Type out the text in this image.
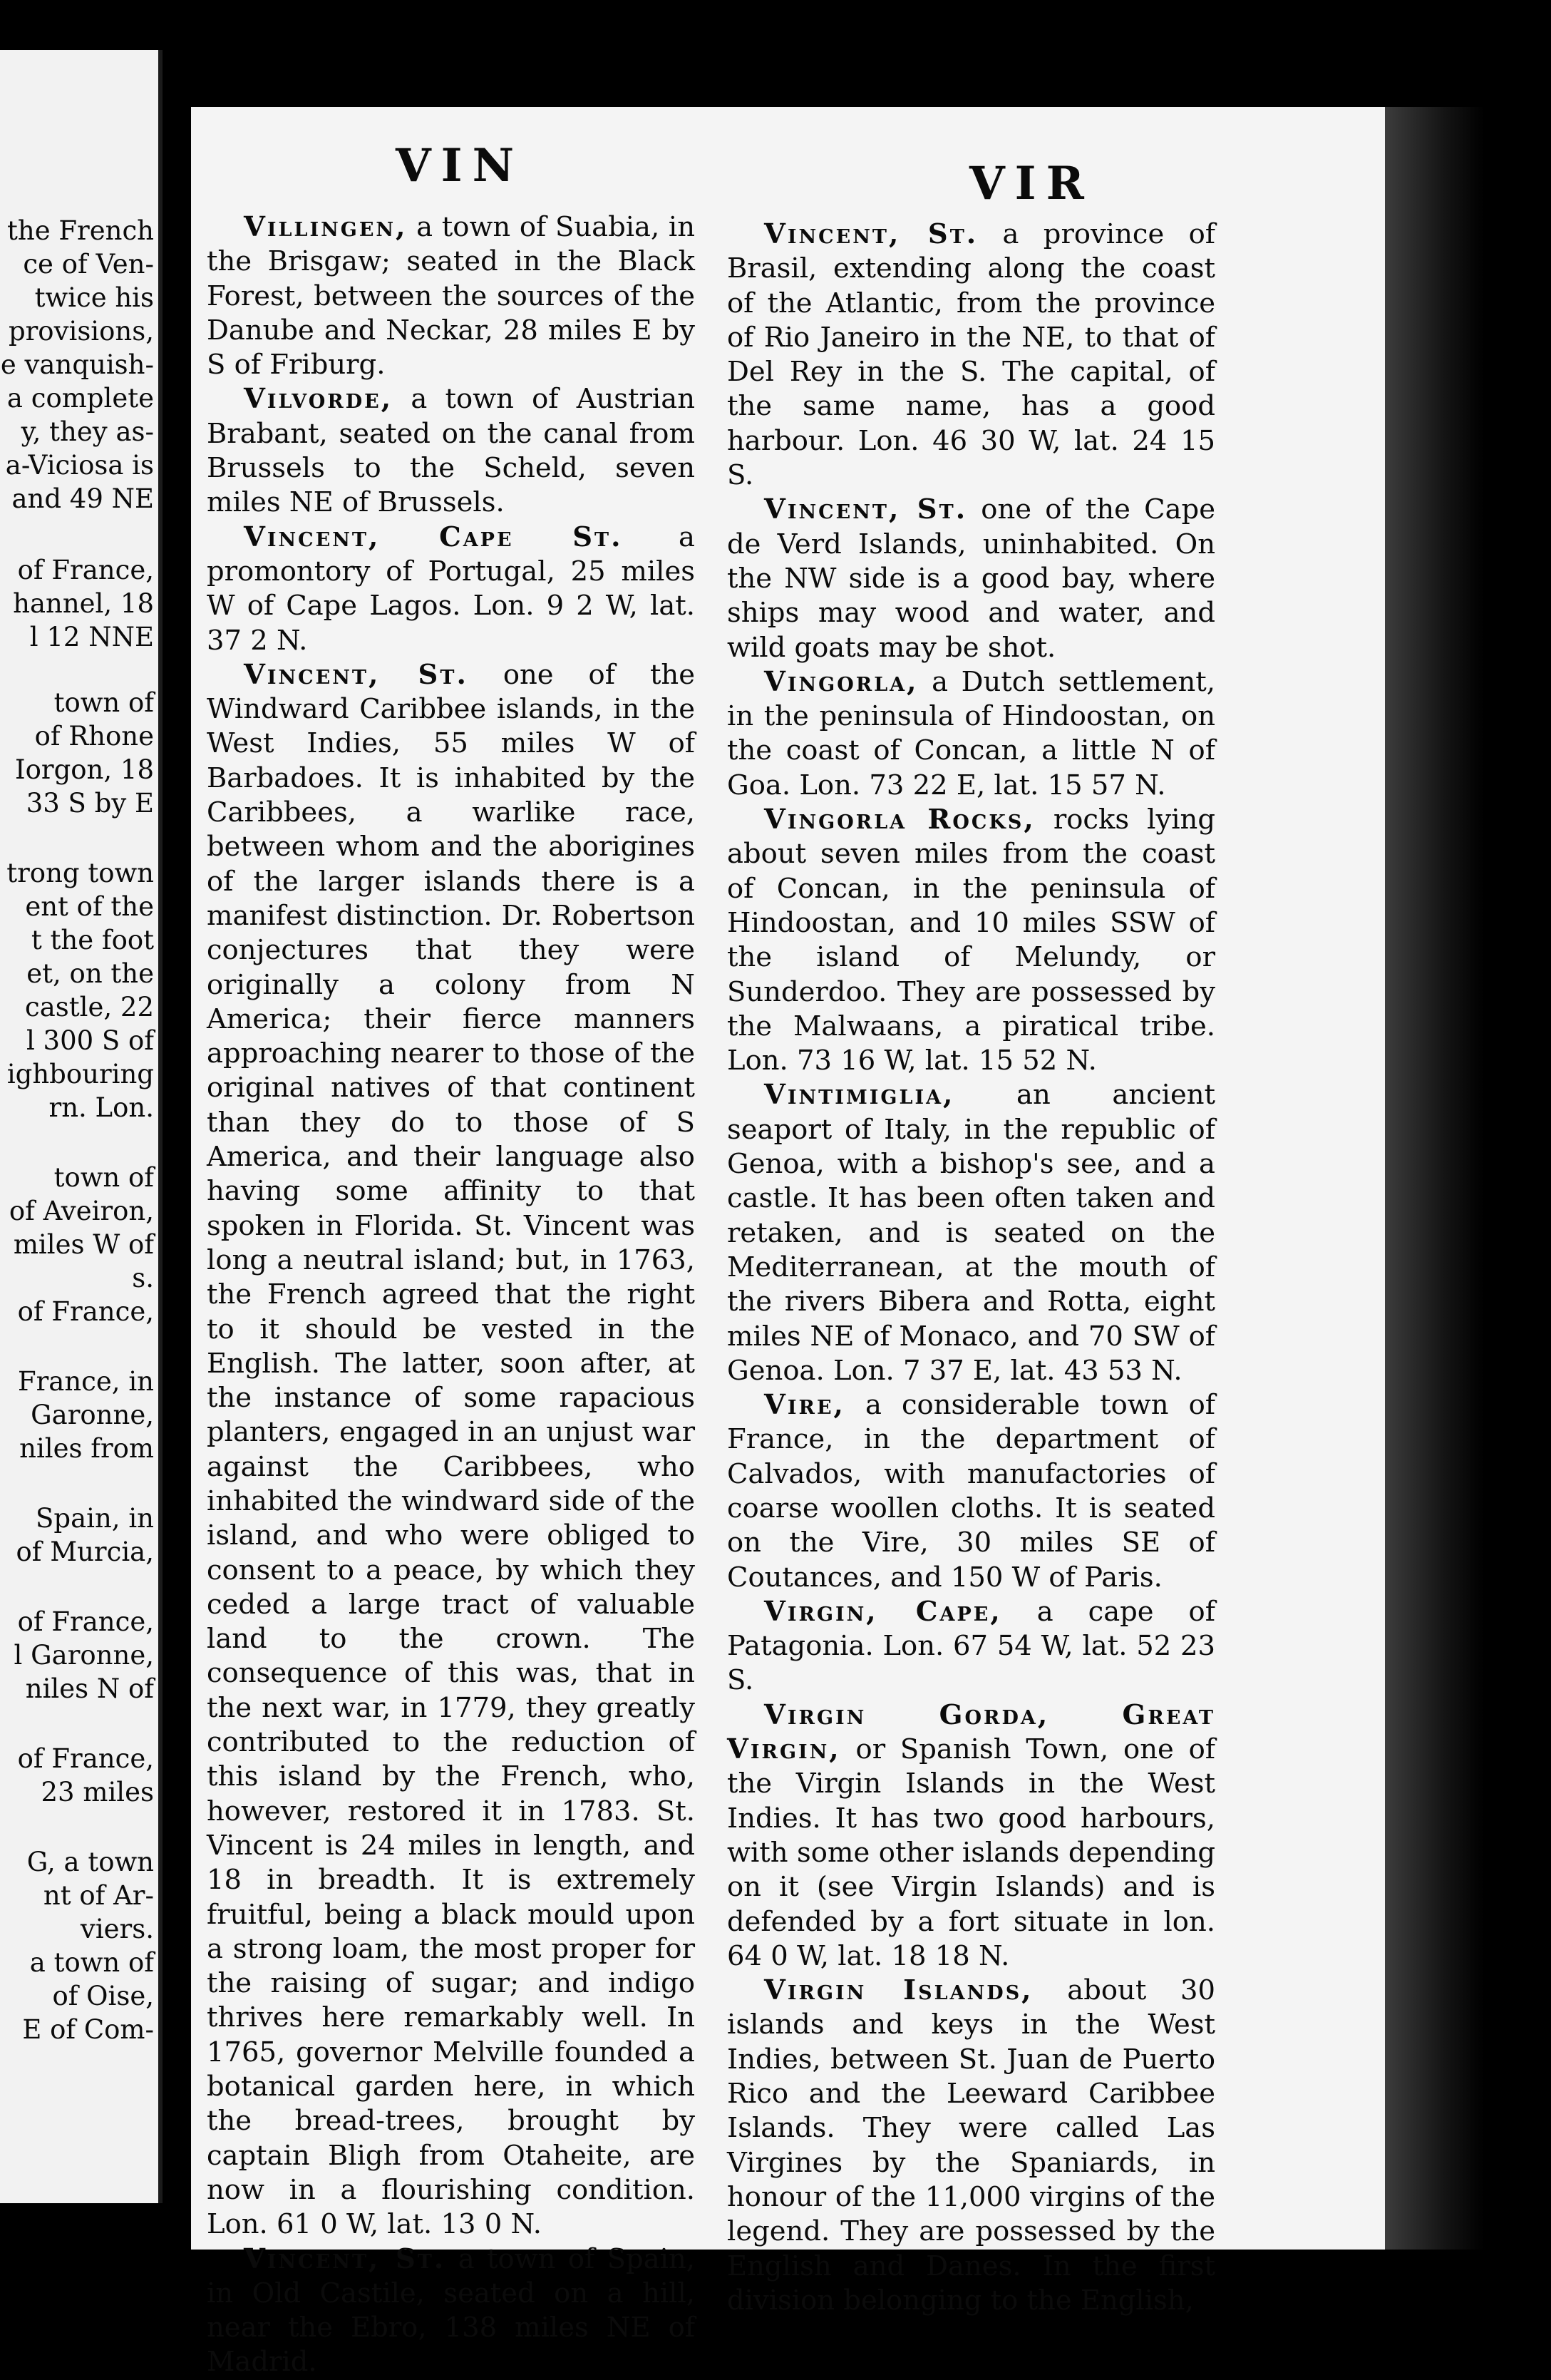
the French
ce of Ven-
twice his
provisions,
e vanquish-
a complete
y, they as-
a-Viciosa is
and 49 NE
of France,
hannel, 18
l 12 NNE
town of
of Rhone
Iorgon, 18
33 S by E
trong town
ent of the
t the foot
et, on the
castle, 22
l 300 S of
ighbouring
rn. Lon.
town of
of Aveiron,
miles W of
s.
of France,
France, in
Garonne,
niles from
Spain, in
of Murcia,
of France,
l Garonne,
niles N of
of France,
23 miles
G, a town
nt of Ar-
viers.
a town of
of Oise,
E of Com-
VIN	VIR

Villingen, a town of Suabia, in the Brisgaw; seated in the Black Forest, between the sources of the Danube and Neckar, 28 miles E by S of Friburg.

Vilvorde, a town of Austrian Brabant, seated on the canal from Brussels to the Scheld, seven miles NE of Brussels.

Vincent, Cape St. a promontory of Portugal, 25 miles W of Cape Lagos. Lon. 9 2 W, lat. 37 2 N.

Vincent, St. one of the Windward Caribbee islands, in the West Indies, 55 miles W of Barbadoes. It is inhabited by the Caribbees, a warlike race, between whom and the aborigines of the larger islands there is a manifest distinction. Dr. Robertson conjectures that they were originally a colony from N America; their fierce manners approaching nearer to those of the original natives of that continent than they do to those of S America, and their language also having some affinity to that spoken in Florida. St. Vincent was long a neutral island; but, in 1763, the French agreed that the right to it should be vested in the English. The latter, soon after, at the instance of some rapacious planters, engaged in an unjust war against the Caribbees, who inhabited the windward side of the island, and who were obliged to consent to a peace, by which they ceded a large tract of valuable land to the crown. The consequence of this was, that in the next war, in 1779, they greatly contributed to the reduction of this island by the French, who, however, restored it in 1783. St. Vincent is 24 miles in length, and 18 in breadth. It is extremely fruitful, being a black mould upon a strong loam, the most proper for the raising of sugar; and indigo thrives here remarkably well. In 1765, governor Melville founded a botanical garden here, in which the bread-trees, brought by captain Bligh from Otaheite, are now in a flourishing condition. Lon. 61 0 W, lat. 13 0 N.

Vincent, St. a town of Spain, in Old Castile, seated on a hill, near the Ebro, 138 miles NE of Madrid.

Vincent, St. a province of Brasil, extending along the coast of the Atlantic, from the province of Rio Janeiro in the NE, to that of Del Rey in the S. The capital, of the same name, has a good harbour. Lon. 46 30 W, lat. 24 15 S.

Vincent, St. one of the Cape de Verd Islands, uninhabited. On the NW side is a good bay, where ships may wood and water, and wild goats may be shot.

Vingorla, a Dutch settlement, in the peninsula of Hindoostan, on the coast of Concan, a little N of Goa. Lon. 73 22 E, lat. 15 57 N.

Vingorla Rocks, rocks lying about seven miles from the coast of Concan, in the peninsula of Hindoostan, and 10 miles SSW of the island of Melundy, or Sunderdoo. They are possessed by the Malwaans, a piratical tribe. Lon. 73 16 W, lat. 15 52 N.

Vintimiglia, an ancient seaport of Italy, in the republic of Genoa, with a bishop's see, and a castle. It has been often taken and retaken, and is seated on the Mediterranean, at the mouth of the rivers Bibera and Rotta, eight miles NE of Monaco, and 70 SW of Genoa. Lon. 7 37 E, lat. 43 53 N.

Vire, a considerable town of France, in the department of Calvados, with manufactories of coarse woollen cloths. It is seated on the Vire, 30 miles SE of Coutances, and 150 W of Paris.

Virgin, Cape, a cape of Patagonia. Lon. 67 54 W, lat. 52 23 S.

Virgin Gorda, Great Virgin, or Spanish Town, one of the Virgin Islands in the West Indies. It has two good harbours, with some other islands depending on it (see Virgin Islands) and is defended by a fort situate in lon. 64 0 W, lat. 18 18 N.

Virgin Islands, about 30 islands and keys in the West Indies, between St. Juan de Puerto Rico and the Leeward Caribbee Islands. They were called Las Virgines by the Spaniards, in honour of the 11,000 virgins of the legend. They are possessed by the English and Danes. In the first division belonging to the English,
